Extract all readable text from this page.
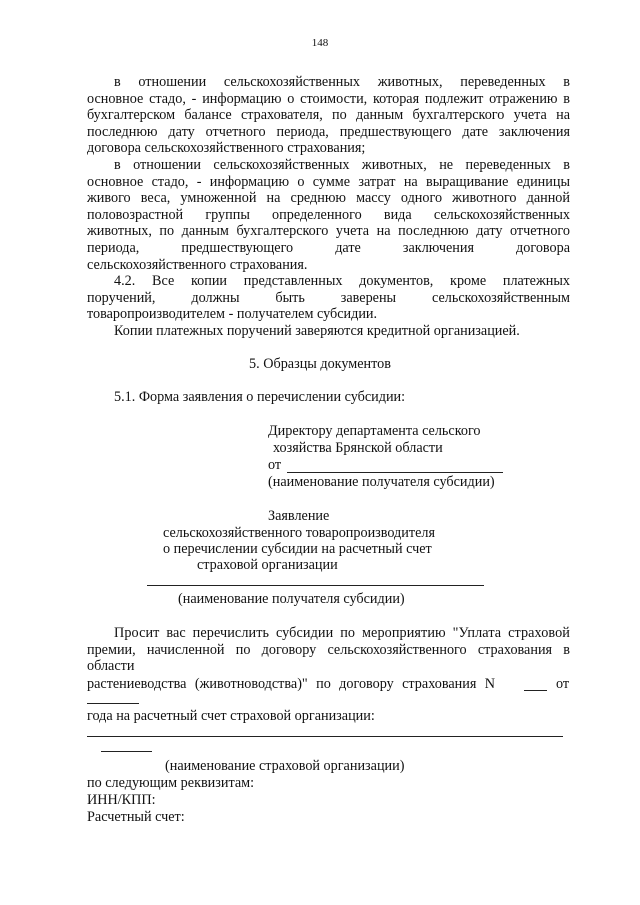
148
в отношении сельскохозяйственных животных, переведенных в
основное стадо, - информацию о стоимости, которая подлежит отражению в
бухгалтерском балансе страхователя, по данным бухгалтерского учета на
последнюю дату отчетного периода, предшествующего дате заключения
договора сельскохозяйственного страхования;
в отношении сельскохозяйственных животных, не переведенных в
основное стадо, - информацию о сумме затрат на выращивание единицы
живого веса, умноженной на среднюю массу одного животного данной
половозрастной группы определенного вида сельскохозяйственных
животных, по данным бухгалтерского учета на последнюю дату отчетного
периода, предшествующего дате заключения договора
сельскохозяйственного страхования.
4.2. Все копии представленных документов, кроме платежных
поручений, должны быть заверены сельскохозяйственным
товаропроизводителем - получателем субсидии.
Копии платежных поручений заверяются кредитной организацией.
5. Образцы документов
5.1. Форма заявления о перечислении субсидии:
Директору департамента сельского
хозяйства Брянской области
от
(наименование получателя субсидии)
Заявление
сельскохозяйственного товаропроизводителя
о перечислении субсидии на расчетный счет
страховой организации
(наименование получателя субсидии)
Просит вас перечислить субсидии по мероприятию "Уплата страховой
премии, начисленной по договору сельскохозяйственного страхования в
области
растениеводства (животноводства)" по договору страхования N	от
года на расчетный счет страховой организации:
(наименование страховой организации)
по следующим реквизитам:
ИНН/КПП:
Расчетный счет:
